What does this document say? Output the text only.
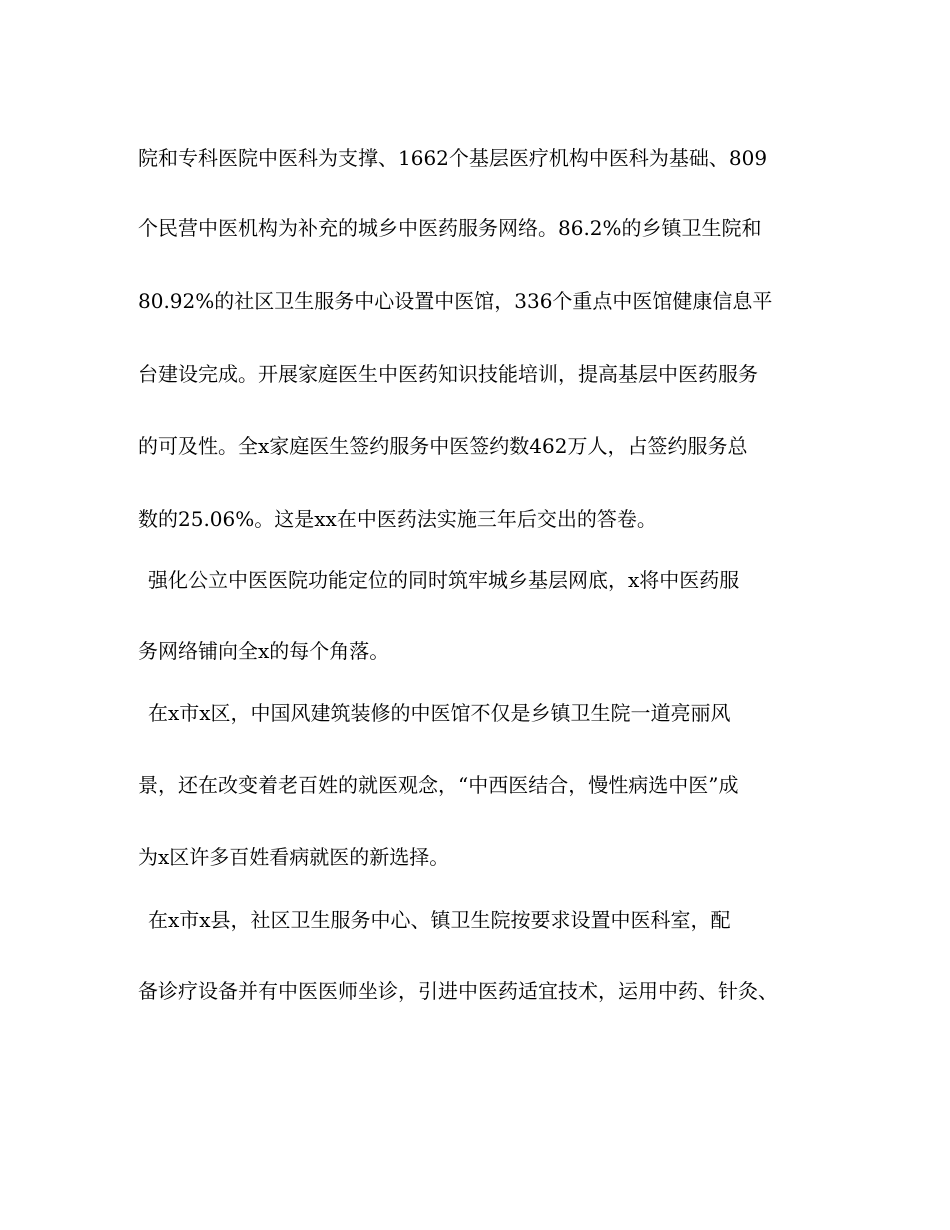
院和专科医院中医科为支撑、1662个基层医疗机构中医科为基础、809
个民营中医机构为补充的城乡中医药服务网络。86.2%的乡镇卫生院和
80.92%的社区卫生服务中心设置中医馆，336个重点中医馆健康信息平
台建设完成。开展家庭医生中医药知识技能培训，提高基层中医药服务
的可及性。全x家庭医生签约服务中医签约数462万人，占签约服务总
数的25.06%。这是xx在中医药法实施三年后交出的答卷。
强化公立中医医院功能定位的同时筑牢城乡基层网底，x将中医药服
务网络铺向全x的每个角落。
在x市x区，中国风建筑装修的中医馆不仅是乡镇卫生院一道亮丽风
景，还在改变着老百姓的就医观念，“中西医结合，慢性病选中医”成
为x区许多百姓看病就医的新选择。
在x市x县，社区卫生服务中心、镇卫生院按要求设置中医科室，配
备诊疗设备并有中医医师坐诊，引进中医药适宜技术，运用中药、针灸、
